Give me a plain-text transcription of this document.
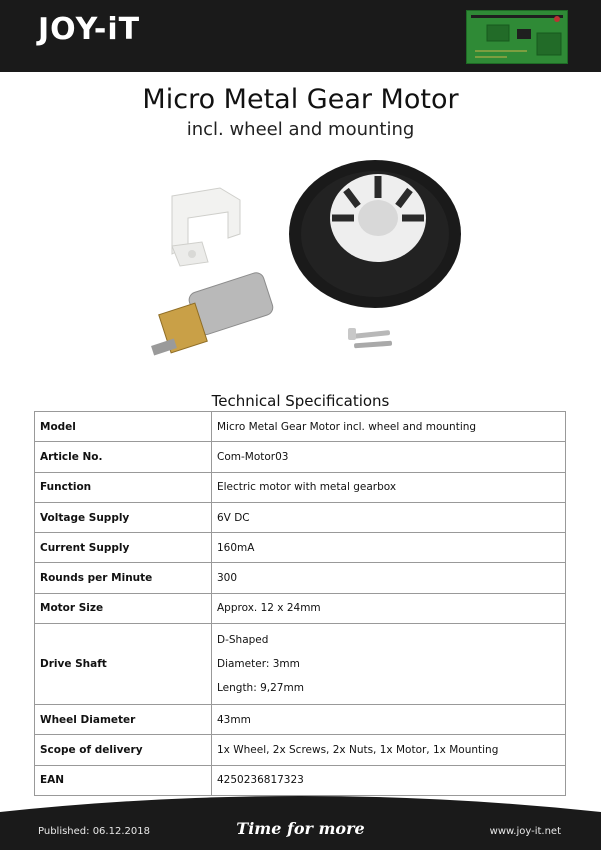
JOY-iT
Micro Metal Gear Motor
incl. wheel and mounting
Technical Specifications
Model	Micro Metal Gear Motor incl. wheel and mounting
Article No.	Com-Motor03
Function	Electric motor with metal gearbox
Voltage Supply	6V DC
Current Supply	160mA
Rounds per Minute	300
Motor Size	Approx. 12 x 24mm
Drive Shaft	D-Shaped
Diameter: 3mm
Length: 9,27mm

Wheel Diameter	43mm
Scope of delivery	1x Wheel, 2x Screws, 2x Nuts, 1x Motor, 1x Mounting
EAN	4250236817323
Published: 06.12.2018	Time for more	www.joy-it.net
